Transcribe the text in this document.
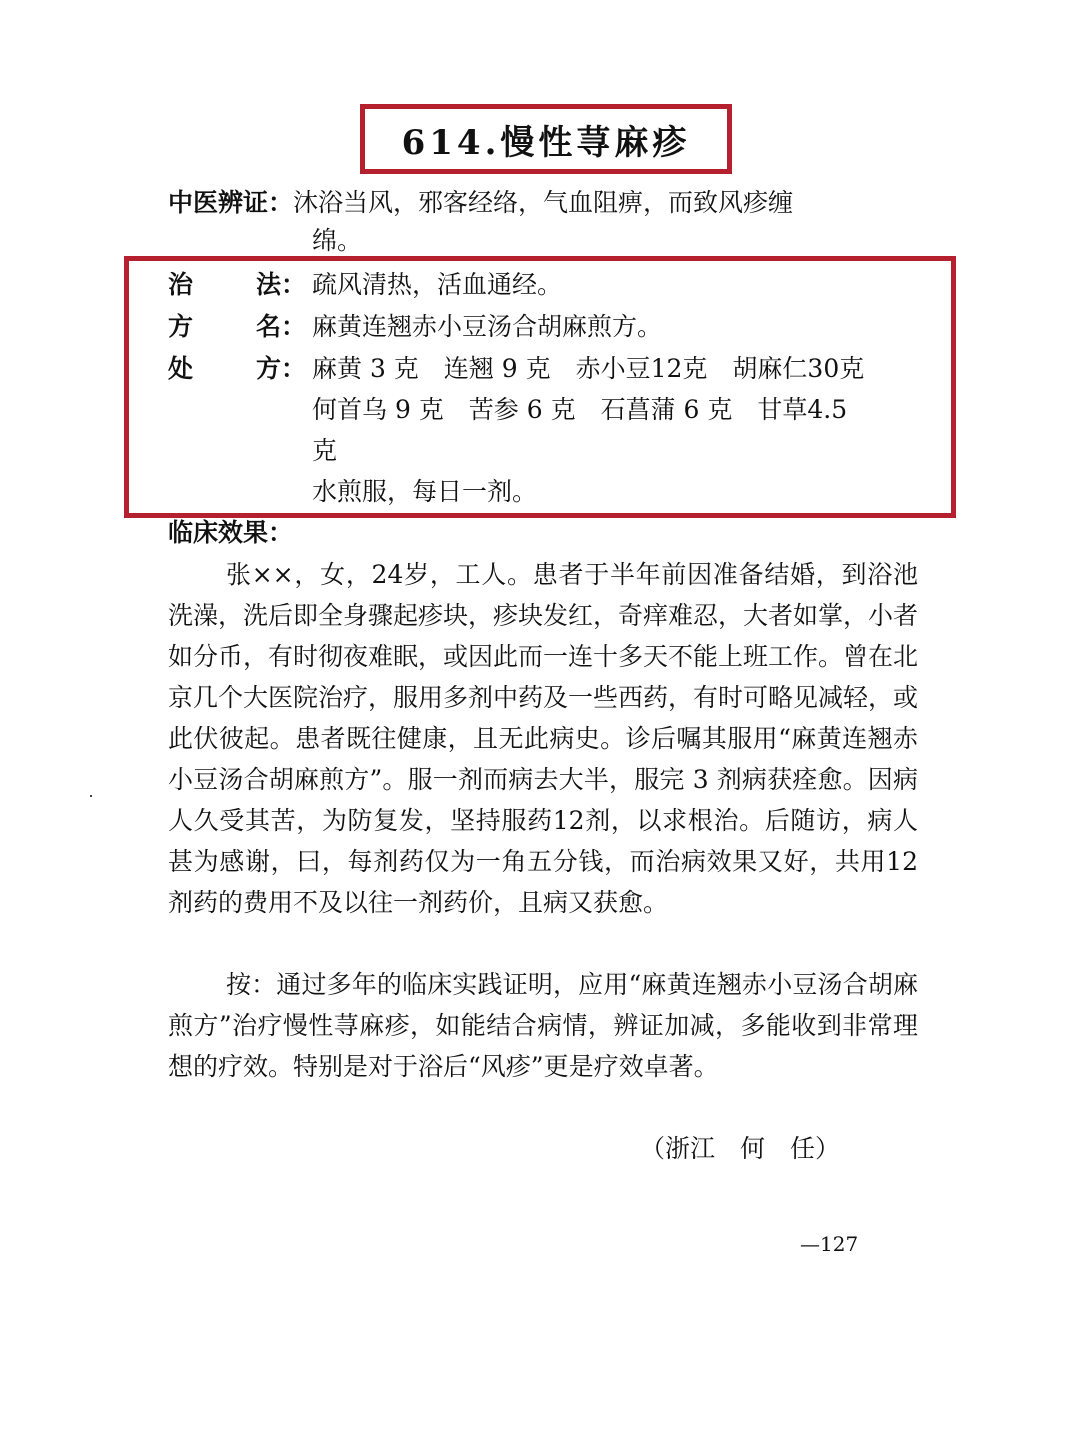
614.慢性荨麻疹
中医辨证：沐浴当风，邪客经络，气血阻痹，而致风疹缠
绵。
治	法： 疏风清热，活血通经。
方	名： 麻黄连翘赤小豆汤合胡麻煎方。
处	方： 麻黄 3 克　连翘 9 克　赤小豆12克　胡麻仁30克
何首乌 9 克　苦参 6 克　石菖蒲 6 克　甘草4.5
克
水煎服，每日一剂。
临床效果：

张××，女，24岁，工人。患者于半年前因准备结婚，到浴池洗澡，洗后即全身骤起疹块，疹块发红，奇痒难忍，大者如掌，小者如分币，有时彻夜难眠，或因此而一连十多天不能上班工作。曾在北京几个大医院治疗，服用多剂中药及一些西药，有时可略见减轻，或此伏彼起。患者既往健康，且无此病史。诊后嘱其服用“麻黄连翘赤小豆汤合胡麻煎方”。服一剂而病去大半，服完 3 剂病获痊愈。因病人久受其苦，为防复发，坚持服药12剂，以求根治。后随访，病人甚为感谢，曰，每剂药仅为一角五分钱，而治病效果又好，共用12剂药的费用不及以往一剂药价，且病又获愈。

按：通过多年的临床实践证明，应用“麻黄连翘赤小豆汤合胡麻煎方”治疗慢性荨麻疹，如能结合病情，辨证加减，多能收到非常理想的疗效。特别是对于浴后“风疹”更是疗效卓著。

（浙江　何　任）
—127
